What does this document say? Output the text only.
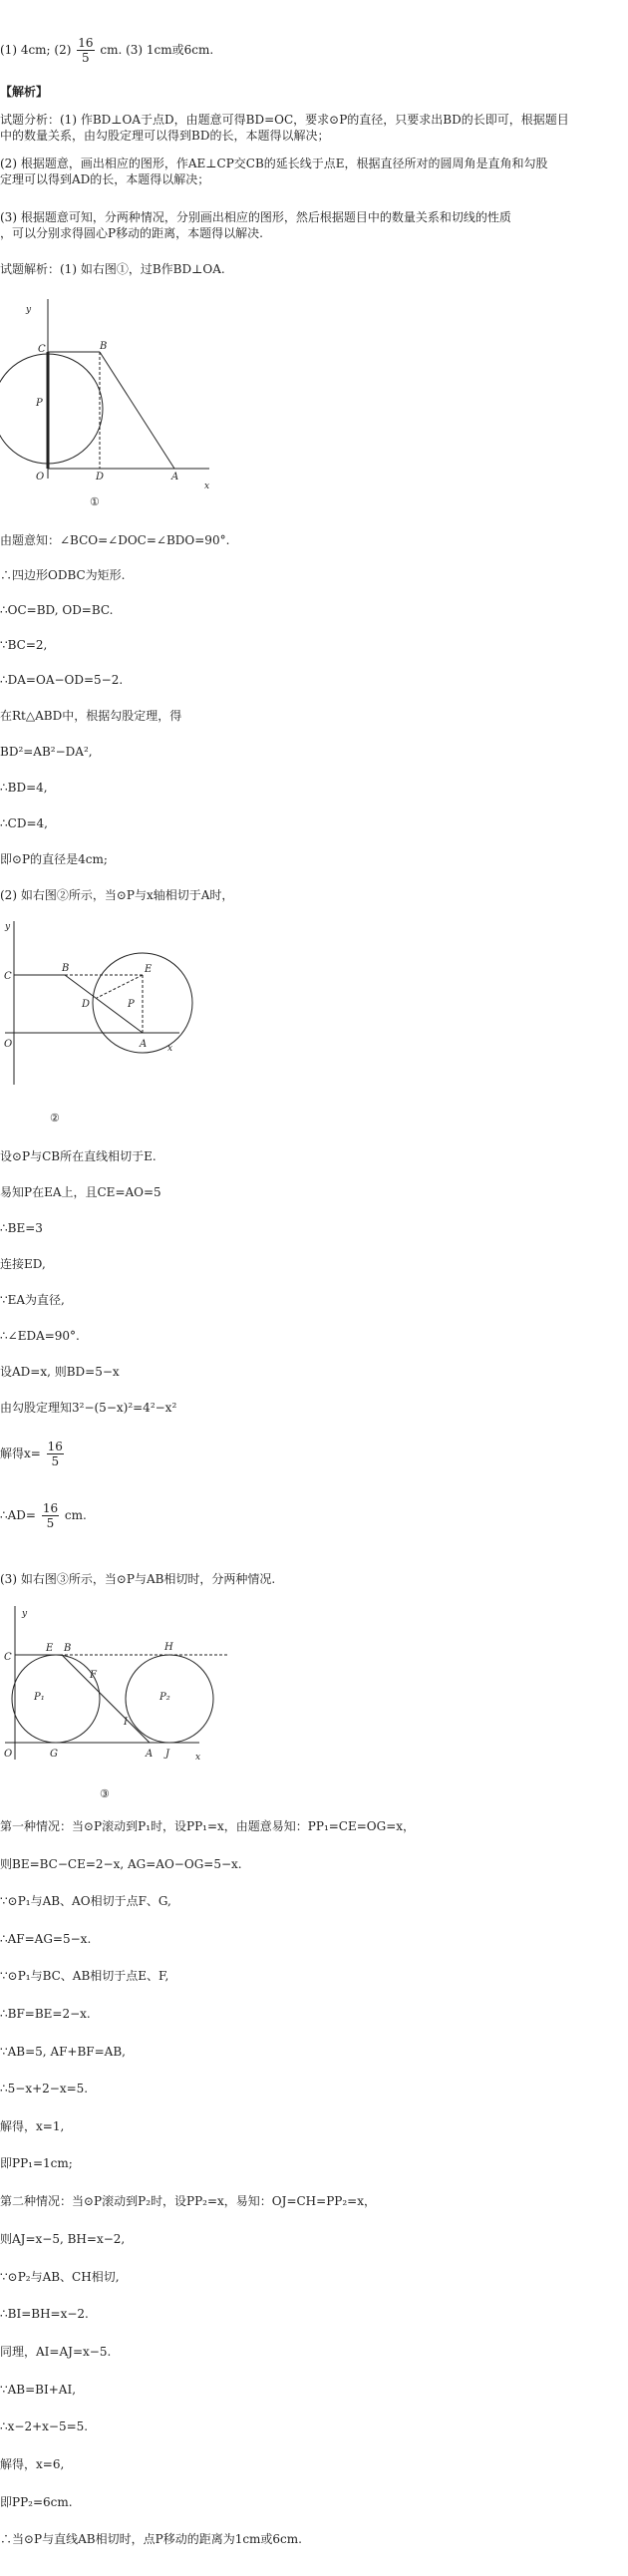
(1) 4cm; $(2) \frac{16}{5}$ cm. (3) 1cm或6cm.
【解析】
试题分析：(1) 作BD⊥OA于点D，由题意可得BD=OC，要求⊙P的直径，只要求出BD的长即可，根据题目
中的数量关系，由勾股定理可以得到BD的长，本题得以解决；
(2) 根据题意，画出相应的图形，作AE⊥CP交CB的延长线于点E，根据直径所对的圆周角是直角和勾股
定理可以得到AD的长，本题得以解决；
(3) 根据题意可知，分两种情况，分别画出相应的图形，然后根据题目中的数量关系和切线的性质
，可以分别求得圆心P移动的距离，本题得以解决.
试题解析：(1) 如右图①，过B作BD⊥OA.
y
C	B
P
O	D	A
x
①
由题意知：∠BCO=∠DOC=∠BDO=90°.
∴四边形ODBC为矩形.
∴OC=BD, OD=BC.
∵BC=2,
∴DA=OA−OD=5−2.
在Rt△ABD中，根据勾股定理，得
BD²=AB²−DA²,
∴BD=4,
∴CD=4,
即⊙P的直径是4cm;
(2) 如右图②所示，当⊙P与x轴相切于A时，
y
C
B	E
D	P
O	A x
②
设⊙P与CB所在直线相切于E.
易知P在EA上，且CE=AO=5
∴BE=3
连接ED,
∵EA为直径,
∴∠EDA=90°.
设AD=x, 则BD=5−x
由勾股定理知3²−(5−x)²=4²−x²
解得$x= \frac{16}{5}$
∴AD= $\frac{16}{5}$ cm.
(3) 如右图③所示，当⊙P与AB相切时，分两种情况.
y
C
E B
F
H
P₁	P₂
I
O	G	A J	x
③
第一种情况：当⊙P滚动到P₁时，设PP₁=x，由题意易知：PP₁=CE=OG=x，
则BE=BC−CE=2−x, AG=AO−OG=5−x.
∵⊙P₁与AB、AO相切于点F、G,
∴AF=AG=5−x.
∵⊙P₁与BC、AB相切于点E、F,
∴BF=BE=2−x.
∵AB=5, AF+BF=AB,
∴5−x+2−x=5.
解得，x=1,
即PP₁=1cm;
第二种情况：当⊙P滚动到P₂时，设PP₂=x，易知：OJ=CH=PP₂=x，
则AJ=x−5, BH=x−2,
∵⊙P₂与AB、CH相切,
∴BI=BH=x−2.
同理，AI=AJ=x−5.
∵AB=BI+AI,
∴x−2+x−5=5.
解得，x=6,
即PP₂=6cm.
∴当⊙P与直线AB相切时，点P移动的距离为1cm或6cm.
